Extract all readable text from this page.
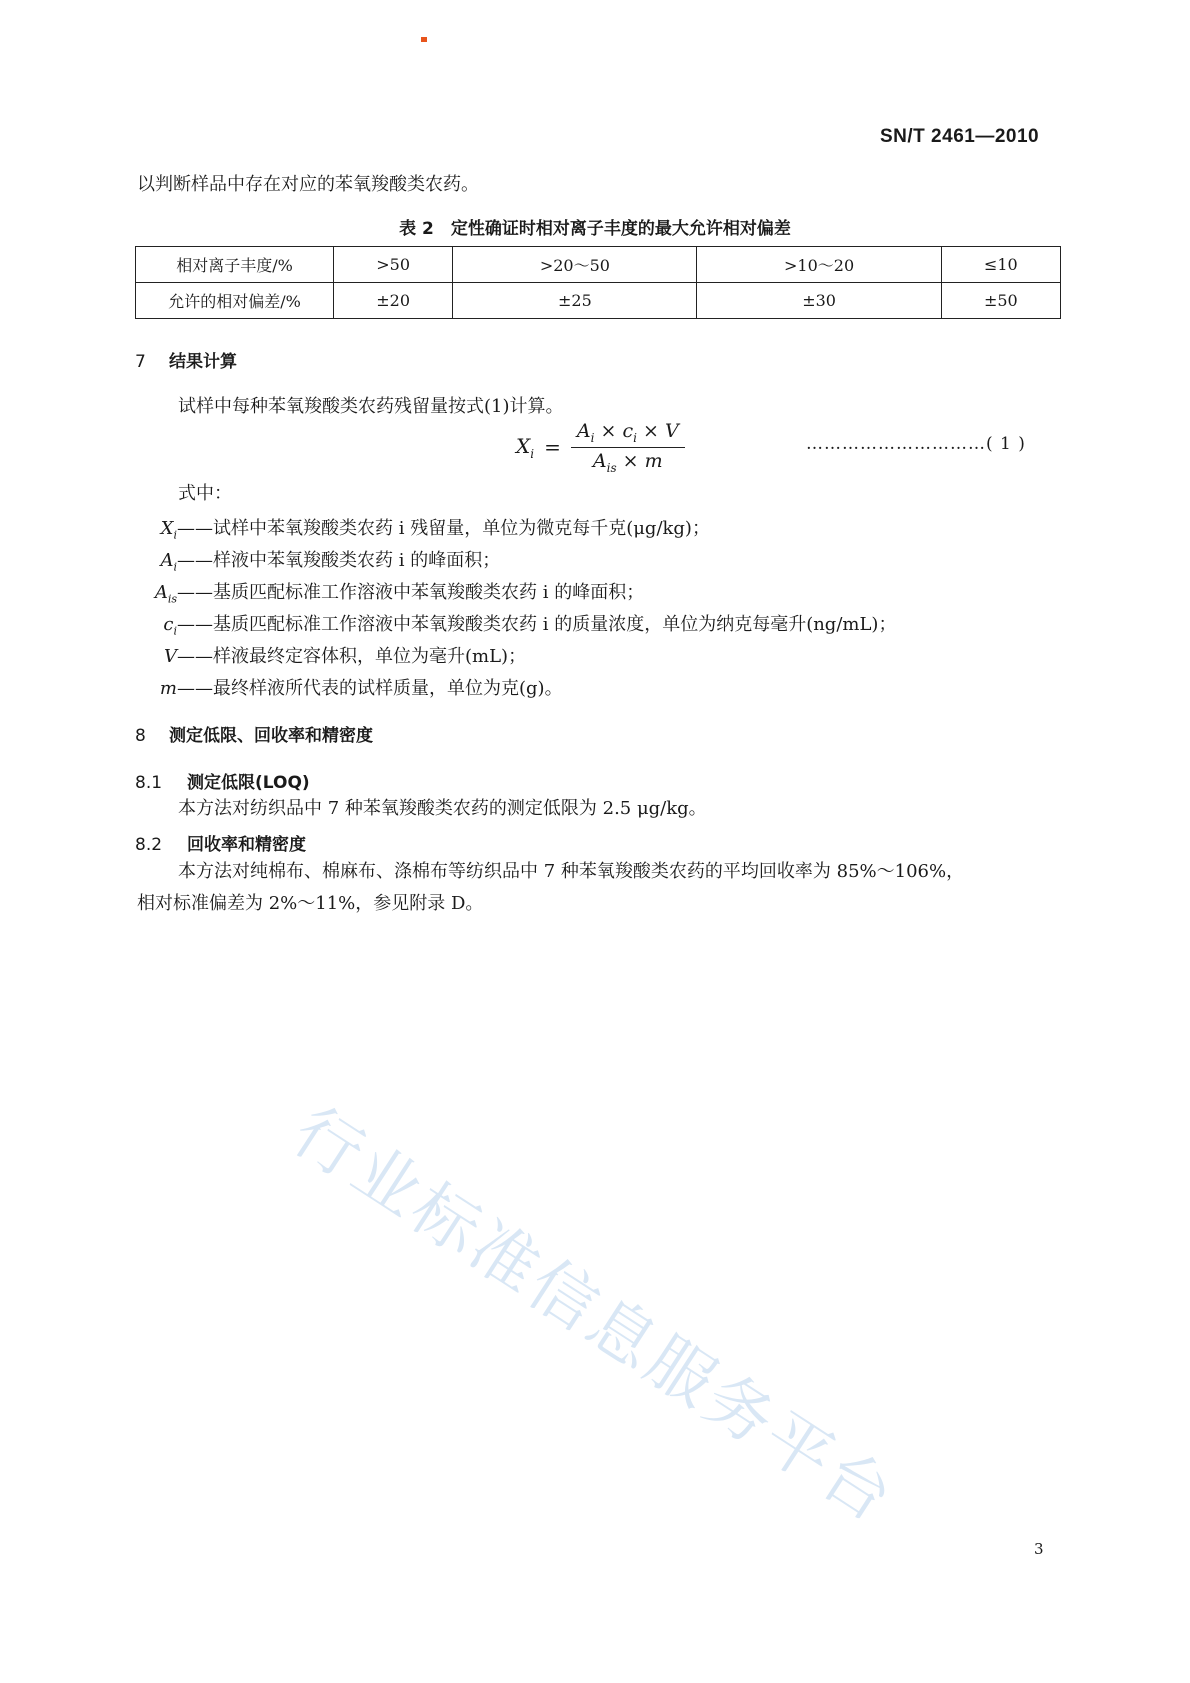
SN/T 2461—2010
以判断样品中存在对应的苯氧羧酸类农药。
表 2　定性确证时相对离子丰度的最大允许相对偏差
相对离子丰度/%	>50	>20～50	>10～20	≤10
允许的相对偏差/%	±20	±25	±30	±50
7 结果计算
试样中每种苯氧羧酸类农药残留量按式(1)计算。
$X_i = \frac{A_i \times c_i \times V}{A_{is} \times m}$	…………………………( 1 )
式中：
$X_i——$试样中苯氧羧酸类农药 i 残留量，单位为微克每千克(μg/kg)；
$A_i——$样液中苯氧羧酸类农药 i 的峰面积；
$A_{is}——$基质匹配标准工作溶液中苯氧羧酸类农药 i 的峰面积；
$c_i——$基质匹配标准工作溶液中苯氧羧酸类农药 i 的质量浓度，单位为纳克每毫升(ng/mL)；
V——样液最终定容体积，单位为毫升(mL)；
m——最终样液所代表的试样质量，单位为克(g)。
8 测定低限、回收率和精密度
8.1 测定低限(LOQ)
本方法对纺织品中 7 种苯氧羧酸类农药的测定低限为 2.5 μg/kg。
8.2 回收率和精密度
本方法对纯棉布、棉麻布、涤棉布等纺织品中 7 种苯氧羧酸类农药的平均回收率为 85%～106%，
相对标准偏差为 2%～11%，参见附录 D。
行业标准信息服务平台
3
